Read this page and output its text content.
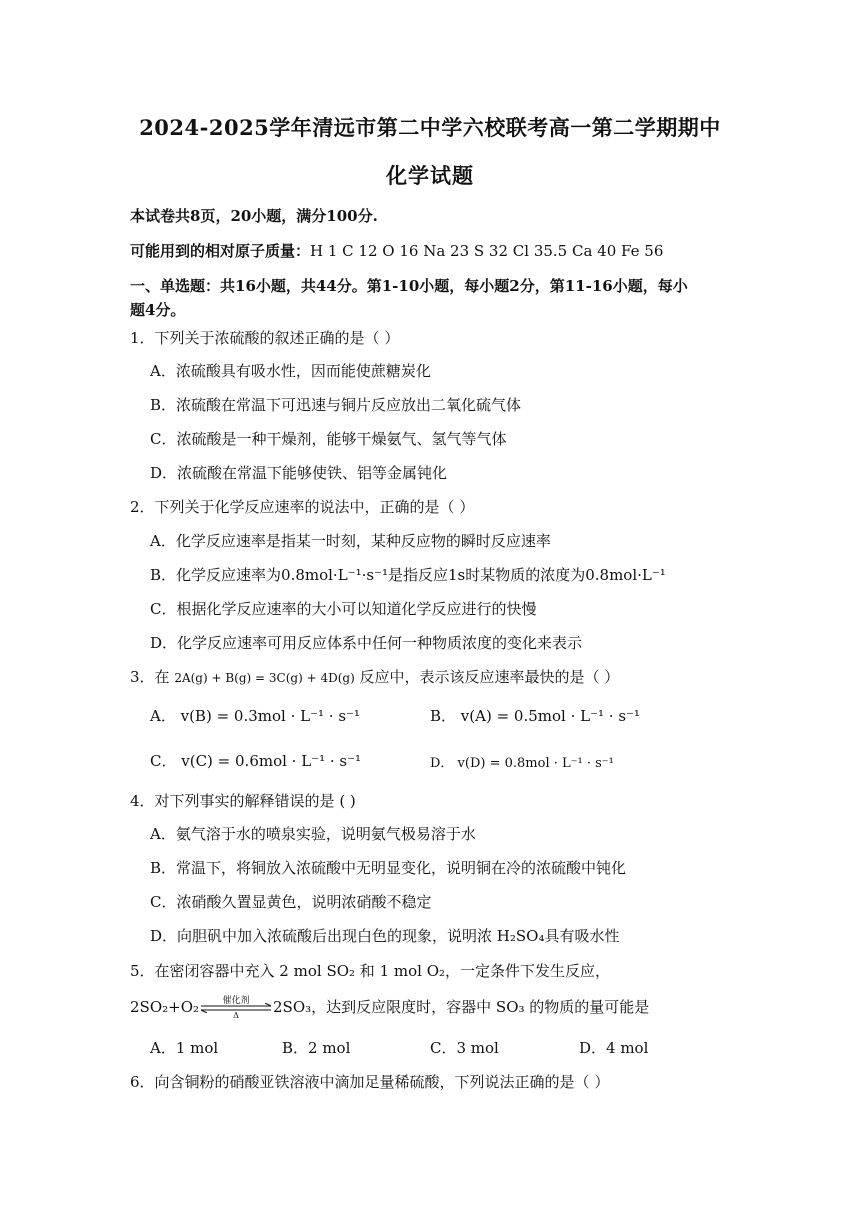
2024-2025学年清远市第二中学六校联考高一第二学期期中
化学试题
本试卷共8页，20小题，满分100分.
可能用到的相对原子质量：H 1 C 12 O 16 Na 23 S 32 Cl 35.5 Ca 40 Fe 56
一、单选题：共16小题，共44分。第1-10小题，每小题2分，第11-16小题，每小
题4分。
1．下列关于浓硫酸的叙述正确的是（ ）
A．浓硫酸具有吸水性，因而能使蔗糖炭化
B．浓硫酸在常温下可迅速与铜片反应放出二氧化硫气体
C．浓硫酸是一种干燥剂，能够干燥氨气、氢气等气体
D．浓硫酸在常温下能够使铁、铝等金属钝化
2．下列关于化学反应速率的说法中，正确的是（ ）
A．化学反应速率是指某一时刻，某种反应物的瞬时反应速率
B．化学反应速率为0.8mol·L⁻¹·s⁻¹是指反应1s时某物质的浓度为0.8mol·L⁻¹
C．根据化学反应速率的大小可以知道化学反应进行的快慢
D．化学反应速率可用反应体系中任何一种物质浓度的变化来表示
3．在 2A(g) + B(g) = 3C(g) + 4D(g) 反应中，表示该反应速率最快的是（ ）
A． v(B) = 0.3mol · L⁻¹ · s⁻¹	B． v(A) = 0.5mol · L⁻¹ · s⁻¹
C． v(C) = 0.6mol · L⁻¹ · s⁻¹	D． v(D) = 0.8mol · L⁻¹ · s⁻¹
4．对下列事实的解释错误的是 ( )
A．氨气溶于水的喷泉实验，说明氨气极易溶于水
B．常温下，将铜放入浓硫酸中无明显变化，说明铜在冷的浓硫酸中钝化
C．浓硝酸久置显黄色，说明浓硝酸不稳定
D．向胆矾中加入浓硫酸后出现白色的现象，说明浓 H₂SO₄具有吸水性
5．在密闭容器中充入 2 mol SO₂ 和 1 mol O₂，一定条件下发生反应，
2SO₂+O₂	催化剂
Δ	2SO₃，达到反应限度时，容器中 SO₃ 的物质的量可能是
A．1 mol	B．2 mol	C．3 mol	D．4 mol
6．向含铜粉的硝酸亚铁溶液中滴加足量稀硫酸，下列说法正确的是（ ）
